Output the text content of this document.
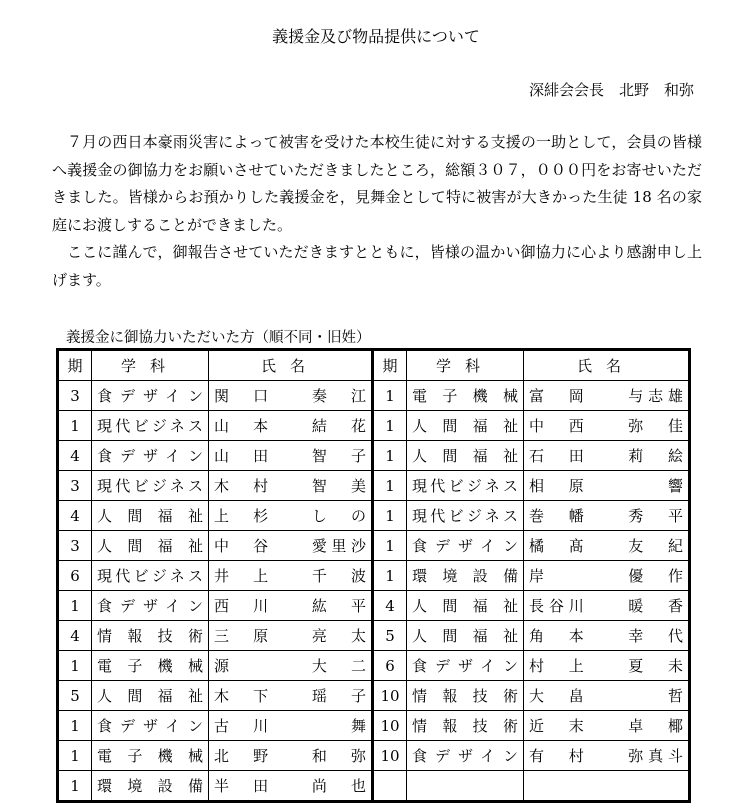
義援金及び物品提供について
深緋会会長　北野　和弥

７月の西日本豪雨災害によって被害を受けた本校生徒に対する支援の一助として，会員の皆様へ義援金の御協力をお願いさせていただきましたところ，総額３０７，０００円をお寄せいただきました。皆様からお預かりした義援金を，見舞金として特に被害が大きかった生徒 18 名の家庭にお渡しすることができました。

ここに謹んで，御報告させていただきますとともに，皆様の温かい御協力に心より感謝申し上げます。

義援金に御協力いただいた方（順不同・旧姓）
期	学科	氏名	期	学科	氏名
3	食デザイン	関　口　　奏　江	1	電子機械	富　岡　　与志雄
1	現代ビジネス	山　本　　結　花	1	人間福祉	中　西　　弥　佳
4	食デザイン	山　田　　智　子	1	人間福祉	石　田　　莉　絵
3	現代ビジネス	木　村　　智　美	1	現代ビジネス	相　原　　　　響
4	人間福祉	上　杉　　し　の	1	現代ビジネス	巻　幡　　秀　平
3	人間福祉	中　谷　　愛里沙	1	食デザイン	橘　髙　　友　紀
6	現代ビジネス	井　上　　千　波	1	環境設備	岸　　　　優　作
1	食デザイン	西　川　　紘　平	4	人間福祉	長谷川　　暖　香
4	情報技術	三　原　　亮　太	5	人間福祉	角　本　　幸　代
1	電子機械	源　　　　大　二	6	食デザイン	村　上　　夏　未
5	人間福祉	木　下　　瑶　子	10	情報技術	大　畠　　　　哲
1	食デザイン	古　川　　　　舞	10	情報技術	近　末　　卓　椰
1	電子機械	北　野　　和　弥	10	食デザイン	有　村　　弥真斗
1	環境設備	半　田　　尚　也			
